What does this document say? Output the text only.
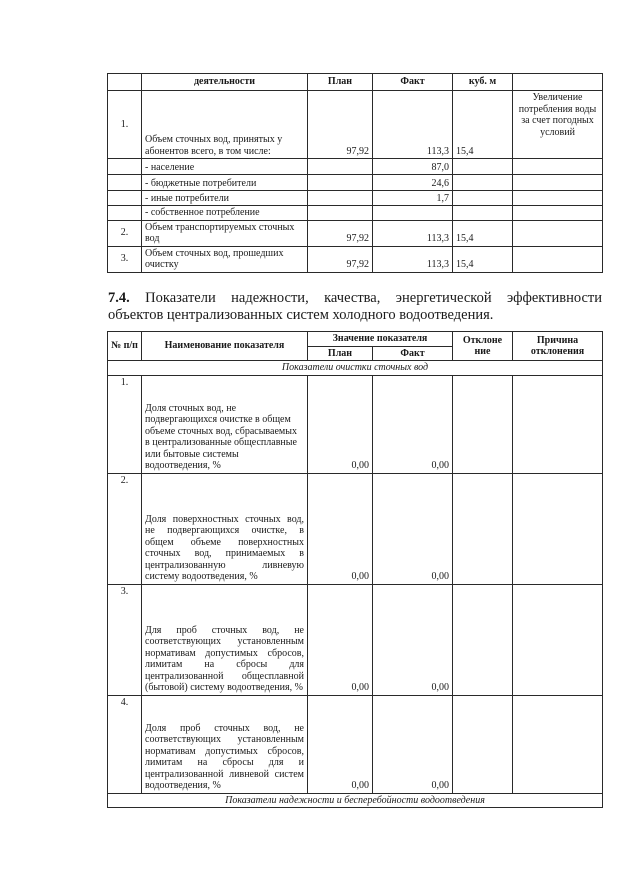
	деятельности	План	Факт	куб. м	
1.	Объем сточных вод, принятых у абонентов всего, в том числе:	97,92	113,3	15,4	Увеличение потребления воды за счет погодных условий
	- население		87,0		
	- бюджетные потребители		24,6		
	- иные потребители		1,7		
	- собственное потребление				
2.	Объем транспортируемых сточных вод	97,92	113,3	15,4	
3.	Объем сточных вод, прошедших очистку	97,92	113,3	15,4	
7.4. Показатели надежности, качества, энергетической эффективности
объектов централизованных систем холодного водоотведения.
№ п/п	Наименование показателя	Значение показателя		Отклоне ние	Причина отклонения
		План	Факт		
Показатели очистки сточных вод					
1.	Доля сточных вод, не подвергающихся очистке в общем объеме сточных вод, сбрасываемых в централизованные общесплавные или бытовые системы водоотведения, %	0,00	0,00		
2.	Доля поверхностных сточных вод, не подвергающихся очистке, в общем объеме поверхностных сточных вод, принимаемых в централизованную ливневую систему водоотведения, %	0,00	0,00		
3.	Для проб сточных вод, не соответствующих установленным нормативам допустимых сбросов, лимитам на сбросы для централизованной общесплавной (бытовой) систему водоотведения, %	0,00	0,00		
4.	Доля проб сточных вод, не соответствующих установленным нормативам допустимых сбросов, лимитам на сбросы для и централизованной ливневой систем водоотведения, %	0,00	0,00		
Показатели надежности и бесперебойности водоотведения					
